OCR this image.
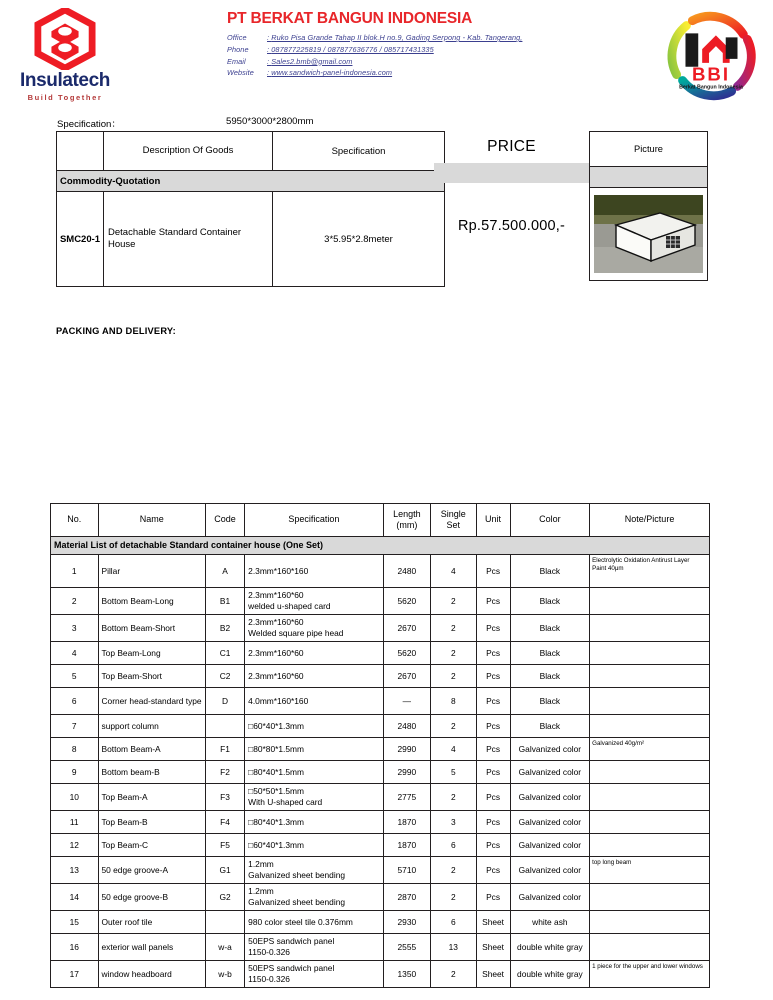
Insulatech
Build Together
PT BERKAT BANGUN INDONESIA
Office	: Ruko Pisa Grande Tahap II blok.H no.9, Gading Serpong - Kab. Tangerang,
Phone	: 087877225819 / 087877636776 / 085717431335
Email	: Sales2.bmb@gmail.com
Website : www.sandwich-panel-indonesia.com	BBI
Berkat Bangun Indonesia
Specification：	5950*3000*2800mm
	Description Of Goods	Specification
Commodity-Quotation		
SMC20-1	Detachable Standard Container House	3*5.95*2.8meter
PRICE
Rp.57.500.000,-
Picture

PACKING AND DELIVERY:
No.	Name	Code	Specification	Length
(mm)	Single
Set	Unit	Color	Note/Picture
Material List of detachable Standard container house (One Set)								
1	Pillar	A	2.3mm*160*160	2480	4	Pcs	Black	Electrolytic Oxidation Antirust Layer
Paint 40μm
2	Bottom Beam-Long	B1	2.3mm*160*60
welded u-shaped card	5620	2	Pcs	Black	
3	Bottom Beam-Short	B2	2.3mm*160*60
Welded square pipe head	2670	2	Pcs	Black	
4	Top Beam-Long	C1	2.3mm*160*60	5620	2	Pcs	Black	
5	Top Beam-Short	C2	2.3mm*160*60	2670	2	Pcs	Black	
6	Corner head-standard type	D	4.0mm*160*160	—	8	Pcs	Black	
7	support column		□60*40*1.3mm	2480	2	Pcs	Black	
8	Bottom Beam-A	F1	□80*80*1.5mm	2990	4	Pcs	Galvanized color	Galvanized 40g/m²
9	Bottom beam-B	F2	□80*40*1.5mm	2990	5	Pcs	Galvanized color	
10	Top Beam-A	F3	□50*50*1.5mm
With U-shaped card	2775	2	Pcs	Galvanized color	
11	Top Beam-B	F4	□80*40*1.3mm	1870	3	Pcs	Galvanized color	
12	Top Beam-C	F5	□60*40*1.3mm	1870	6	Pcs	Galvanized color	
13	50 edge groove-A	G1	1.2mm
Galvanized sheet bending	5710	2	Pcs	Galvanized color	top long beam
14	50 edge groove-B	G2	1.2mm
Galvanized sheet bending	2870	2	Pcs	Galvanized color	
15	Outer roof tile		980 color steel tile 0.376mm	2930	6	Sheet	white ash	
16	exterior wall panels	w-a	50EPS sandwich panel
1150-0.326	2555	13	Sheet	double white gray	
17	window headboard	w-b	50EPS sandwich panel
1150-0.326	1350	2	Sheet	double white gray	1 piece for the upper and lower windows
